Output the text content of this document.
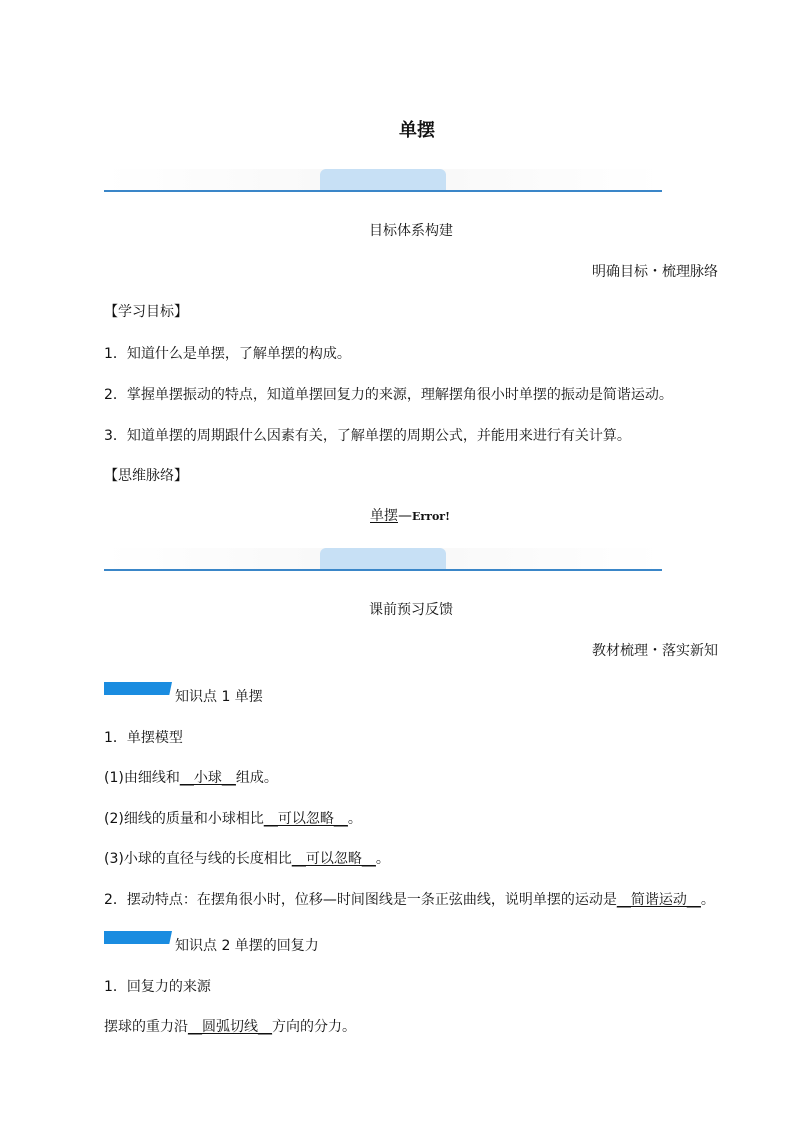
单摆
目标体系构建
明确目标・梳理脉络
【学习目标】
1．知道什么是单摆，了解单摆的构成。
2．掌握单摆振动的特点，知道单摆回复力的来源，理解摆角很小时单摆的振动是简谐运动。
3．知道单摆的周期跟什么因素有关，了解单摆的周期公式，并能用来进行有关计算。
【思维脉络】
单摆—Error!
课前预习反馈
教材梳理・落实新知
知识点 1 单摆
1．单摆模型
(1)由细线和__小球__组成。
(2)细线的质量和小球相比__可以忽略__。
(3)小球的直径与线的长度相比__可以忽略__。
2．摆动特点：在摆角很小时，位移—时间图线是一条正弦曲线，说明单摆的运动是__简谐运动__。
知识点 2 单摆的回复力
1．回复力的来源
摆球的重力沿__圆弧切线__方向的分力。
